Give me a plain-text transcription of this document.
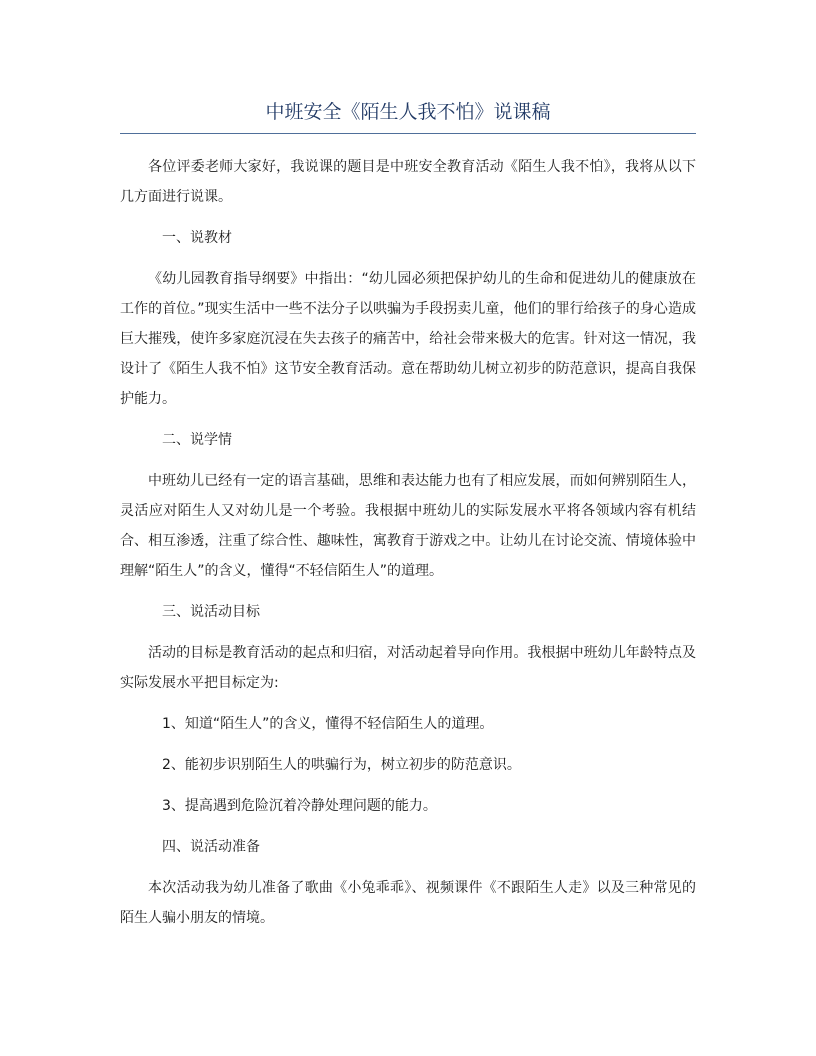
中班安全《陌生人我不怕》说课稿

各位评委老师大家好，我说课的题目是中班安全教育活动《陌生人我不怕》，我将从以下几方面进行说课。

一、说教材

《幼儿园教育指导纲要》中指出：“幼儿园必须把保护幼儿的生命和促进幼儿的健康放在工作的首位。”现实生活中一些不法分子以哄骗为手段拐卖儿童，他们的罪行给孩子的身心造成巨大摧残，使许多家庭沉浸在失去孩子的痛苦中，给社会带来极大的危害。针对这一情况，我设计了《陌生人我不怕》这节安全教育活动。意在帮助幼儿树立初步的防范意识，提高自我保护能力。

二、说学情

中班幼儿已经有一定的语言基础，思维和表达能力也有了相应发展，而如何辨别陌生人，灵活应对陌生人又对幼儿是一个考验。我根据中班幼儿的实际发展水平将各领域内容有机结合、相互渗透，注重了综合性、趣味性，寓教育于游戏之中。让幼儿在讨论交流、情境体验中理解“陌生人”的含义，懂得“不轻信陌生人”的道理。

三、说活动目标

活动的目标是教育活动的起点和归宿，对活动起着导向作用。我根据中班幼儿年龄特点及实际发展水平把目标定为:

1、知道“陌生人”的含义，懂得不轻信陌生人的道理。

2、能初步识别陌生人的哄骗行为，树立初步的防范意识。

3、提高遇到危险沉着冷静处理问题的能力。

四、说活动准备

本次活动我为幼儿准备了歌曲《小兔乖乖》、视频课件《不跟陌生人走》以及三种常见的陌生人骗小朋友的情境。
